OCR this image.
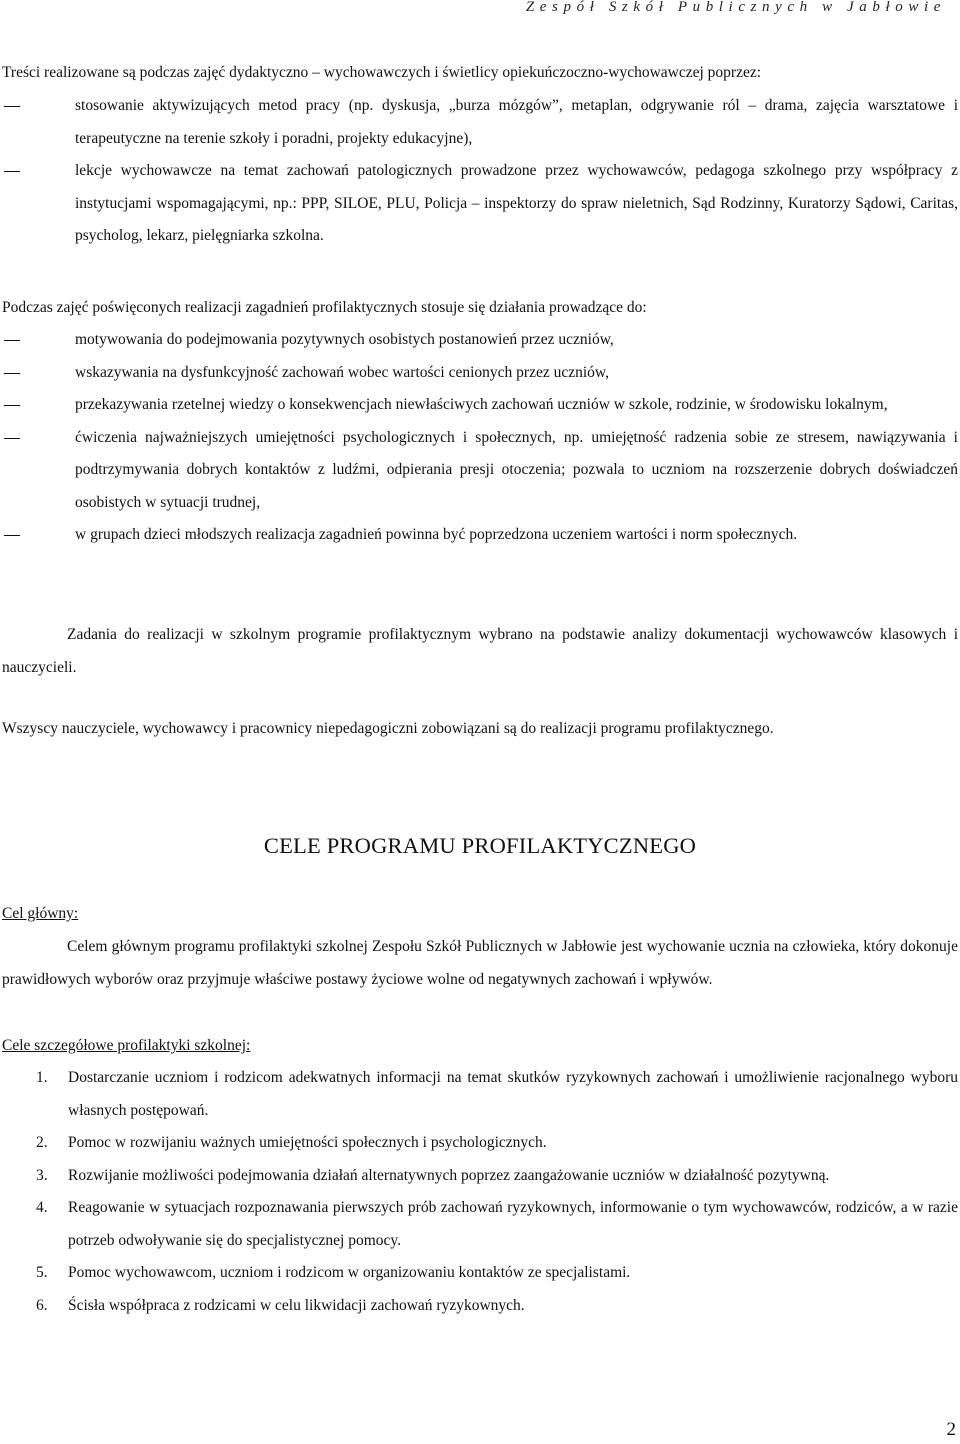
Zespół Szkół Publicznych w Jabłowie

Treści realizowane są podczas zajęć dydaktyczno – wychowawczych i świetlicy opiekuńczoczno-wychowawczej poprzez:

stosowanie aktywizujących metod pracy (np. dyskusja, „burza mózgów”, metaplan, odgrywanie ról – drama, zajęcia warsztatowe i terapeutyczne na terenie szkoły i poradni, projekty edukacyjne),
lekcje wychowawcze na temat zachowań patologicznych prowadzone przez wychowawców, pedagoga szkolnego przy współpracy z instytucjami wspomagającymi, np.: PPP, SILOE, PLU, Policja – inspektorzy do spraw nieletnich, Sąd Rodzinny, Kuratorzy Sądowi, Caritas, psycholog, lekarz, pielęgniarka szkolna.

Podczas zajęć poświęconych realizacji zagadnień profilaktycznych stosuje się działania prowadzące do:

motywowania do podejmowania pozytywnych osobistych postanowień przez uczniów,
wskazywania na dysfunkcyjność zachowań wobec wartości cenionych przez uczniów,
przekazywania rzetelnej wiedzy o konsekwencjach niewłaściwych zachowań uczniów w szkole, rodzinie, w środowisku lokalnym,
ćwiczenia najważniejszych umiejętności psychologicznych i społecznych, np. umiejętność radzenia sobie ze stresem, nawiązywania i podtrzymywania dobrych kontaktów z ludźmi, odpierania presji otoczenia; pozwala to uczniom na rozszerzenie dobrych doświadczeń osobistych w sytuacji trudnej,
w grupach dzieci młodszych realizacja zagadnień powinna być poprzedzona uczeniem wartości i norm społecznych.

Zadania do realizacji w szkolnym programie profilaktycznym wybrano na podstawie analizy dokumentacji wychowawców klasowych i nauczycieli.

Wszyscy nauczyciele, wychowawcy i pracownicy niepedagogiczni zobowiązani są do realizacji programu profilaktycznego.

CELE PROGRAMU PROFILAKTYCZNEGO

Cel główny:

Celem głównym programu profilaktyki szkolnej Zespołu Szkół Publicznych w Jabłowie jest wychowanie ucznia na człowieka, który dokonuje prawidłowych wyborów oraz przyjmuje właściwe postawy życiowe wolne od negatywnych zachowań i wpływów.

Cele szczegółowe profilaktyki szkolnej:

1. Dostarczanie uczniom i rodzicom adekwatnych informacji na temat skutków ryzykownych zachowań i umożliwienie racjonalnego wyboru własnych postępowań.
2. Pomoc w rozwijaniu ważnych umiejętności społecznych i psychologicznych.
3. Rozwijanie możliwości podejmowania działań alternatywnych poprzez zaangażowanie uczniów w działalność pozytywną.
4. Reagowanie w sytuacjach rozpoznawania pierwszych prób zachowań ryzykownych, informowanie o tym wychowawców, rodziców, a w razie potrzeb odwoływanie się do specjalistycznej pomocy.
5. Pomoc wychowawcom, uczniom i rodzicom w organizowaniu kontaktów ze specjalistami.
6. Ścisła współpraca z rodzicami w celu likwidacji zachowań ryzykownych.
2
